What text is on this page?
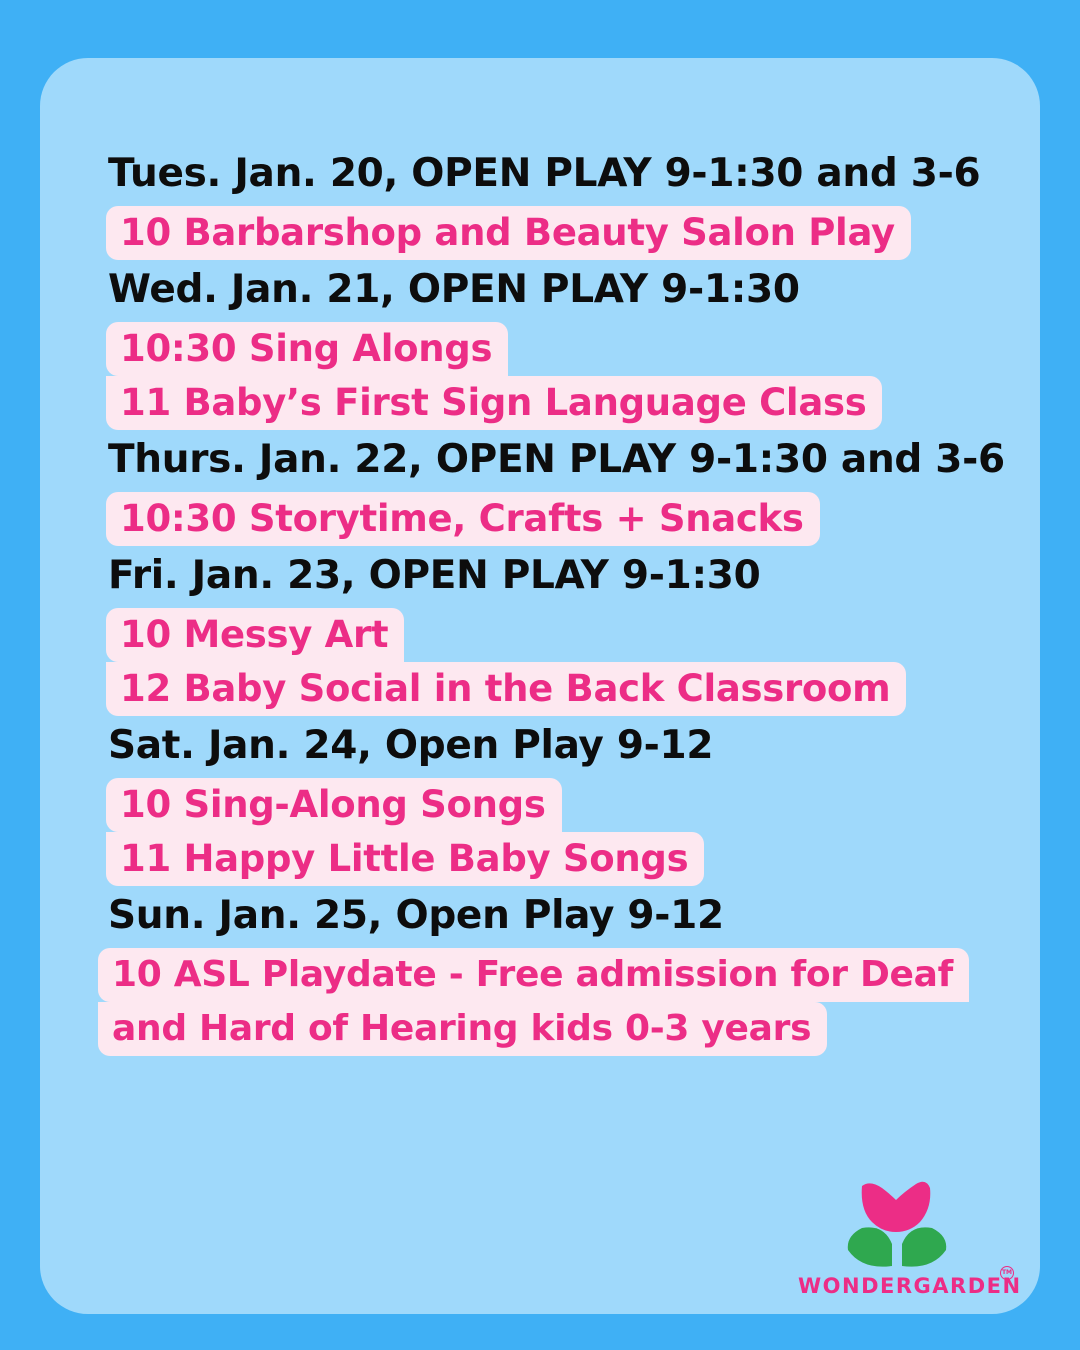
Tues. Jan. 20, OPEN PLAY 9-1:30 and 3-6
10 Barbarshop and Beauty Salon Play
Wed. Jan. 21, OPEN PLAY 9-1:30
10:30 Sing Alongs
11 Baby’s First Sign Language Class
Thurs. Jan. 22, OPEN PLAY 9-1:30 and 3-6
10:30 Storytime, Crafts + Snacks
Fri. Jan. 23, OPEN PLAY 9-1:30
10 Messy Art
12 Baby Social in the Back Classroom
Sat. Jan. 24, Open Play 9-12
10 Sing-Along Songs
11 Happy Little Baby Songs
Sun. Jan. 25, Open Play 9-12
10 ASL Playdate - Free admission for Deaf
and Hard of Hearing kids 0-3 years
WONDERGARDEN
TM
